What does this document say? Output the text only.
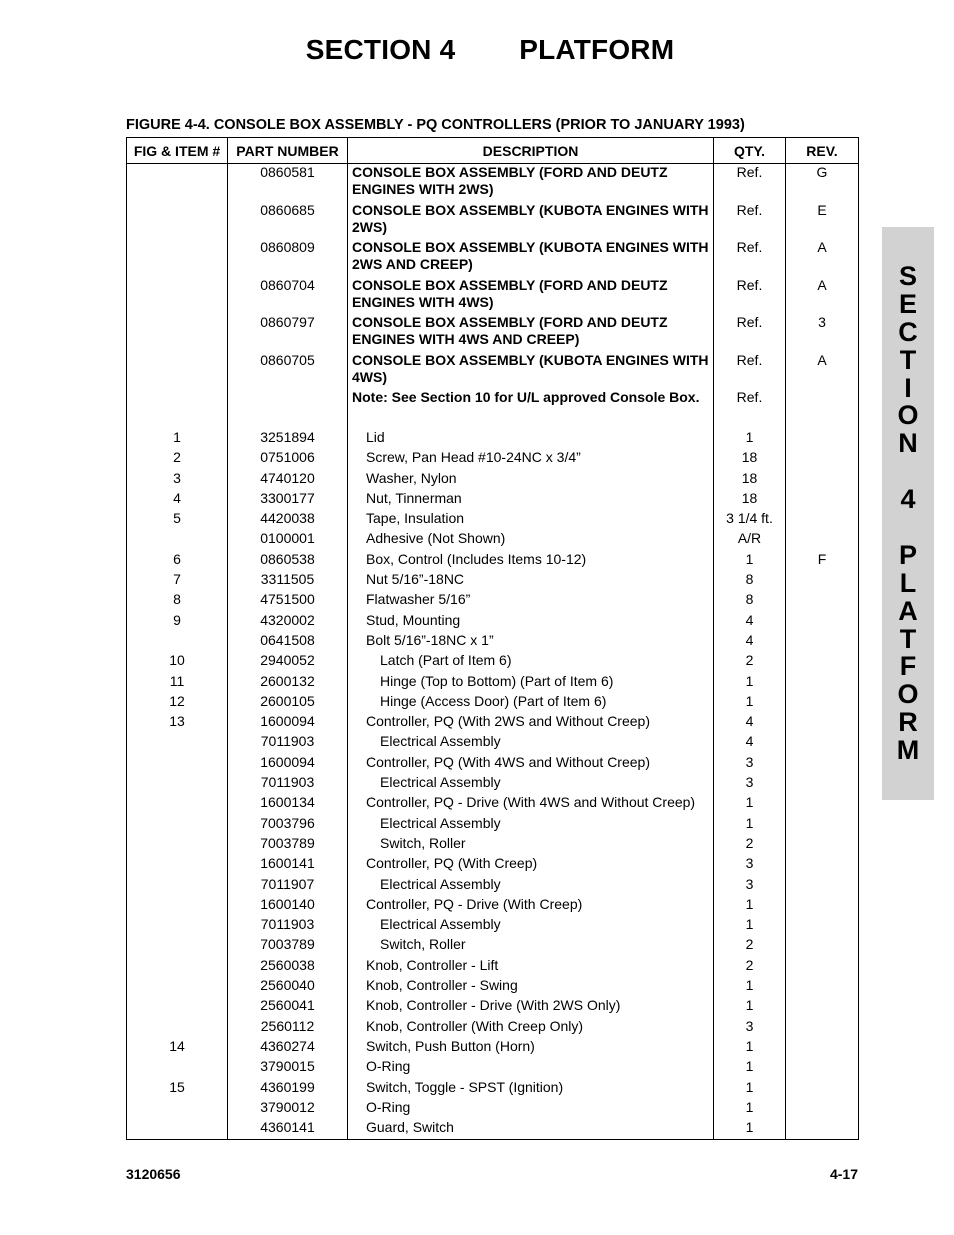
SECTION 4        PLATFORM
FIGURE 4-4. CONSOLE BOX ASSEMBLY - PQ CONTROLLERS (PRIOR TO JANUARY 1993)
FIG & ITEM #	PART NUMBER	DESCRIPTION	QTY.	REV.
	0860581	CONSOLE BOX ASSEMBLY (FORD AND DEUTZ ENGINES WITH 2WS)	Ref.	G
	0860685	CONSOLE BOX ASSEMBLY (KUBOTA ENGINES WITH 2WS)	Ref.	E
	0860809	CONSOLE BOX ASSEMBLY (KUBOTA ENGINES WITH 2WS AND CREEP)	Ref.	A
	0860704	CONSOLE BOX ASSEMBLY (FORD AND DEUTZ ENGINES WITH 4WS)	Ref.	A
	0860797	CONSOLE BOX ASSEMBLY (FORD AND DEUTZ ENGINES WITH 4WS AND CREEP)	Ref.	3
	0860705	CONSOLE BOX ASSEMBLY (KUBOTA ENGINES WITH 4WS)	Ref.	A
		Note: See Section 10 for U/L approved Console Box.	Ref.	
1	3251894	Lid	1	
2	0751006	Screw, Pan Head #10-24NC x 3/4”	18	
3	4740120	Washer, Nylon	18	
4	3300177	Nut, Tinnerman	18	
5	4420038	Tape, Insulation	3 1/4 ft.	
	0100001	Adhesive (Not Shown)	A/R	
6	0860538	Box, Control (Includes Items 10-12)	1	F
7	3311505	Nut 5/16”-18NC	8	
8	4751500	Flatwasher 5/16”	8	
9	4320002	Stud, Mounting	4	
	0641508	Bolt 5/16”-18NC x 1”	4	
10	2940052	Latch (Part of Item 6)	2	
11	2600132	Hinge (Top to Bottom) (Part of Item 6)	1	
12	2600105	Hinge (Access Door) (Part of Item 6)	1	
13	1600094	Controller, PQ (With 2WS and Without Creep)	4	
	7011903	Electrical Assembly	4	
	1600094	Controller, PQ (With 4WS and Without Creep)	3	
	7011903	Electrical Assembly	3	
	1600134	Controller, PQ - Drive (With 4WS and Without Creep)	1	
	7003796	Electrical Assembly	1	
	7003789	Switch, Roller	2	
	1600141	Controller, PQ (With Creep)	3	
	7011907	Electrical Assembly	3	
	1600140	Controller, PQ - Drive (With Creep)	1	
	7011903	Electrical Assembly	1	
	7003789	Switch, Roller	2	
	2560038	Knob, Controller - Lift	2	
	2560040	Knob, Controller - Swing	1	
	2560041	Knob, Controller - Drive (With 2WS Only)	1	
	2560112	Knob, Controller (With Creep Only)	3	
14	4360274	Switch, Push Button (Horn)	1	
	3790015	O-Ring	1	
15	4360199	Switch, Toggle - SPST (Ignition)	1	
	3790012	O-Ring	1	
	4360141	Guard, Switch	1	
S
E
C
T
I
O
N
4
P
L
A
T
F
O
R
M
3120656	4-17
